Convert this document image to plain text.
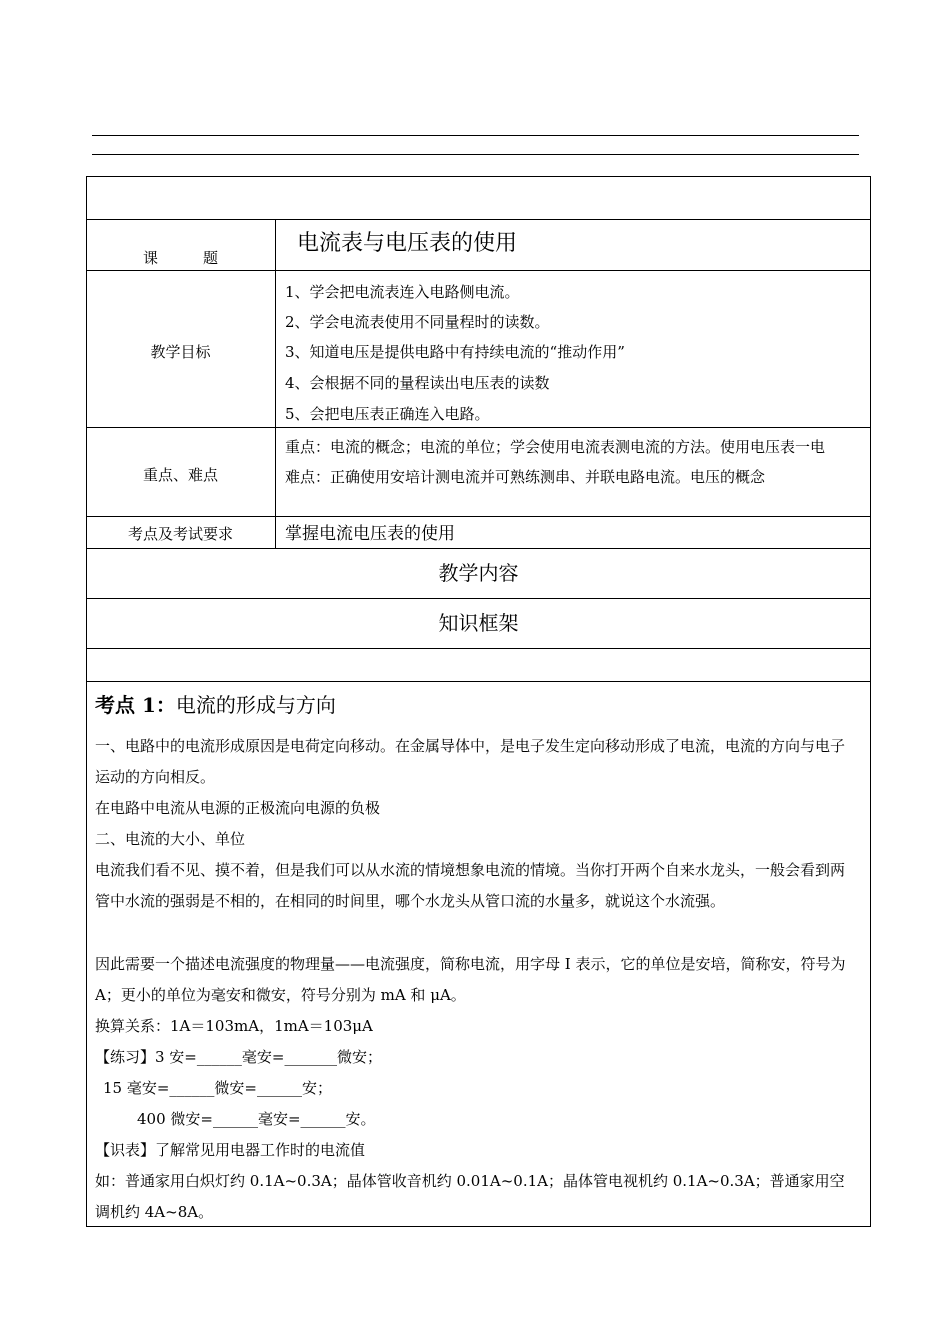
课　　　题
电流表与电压表的使用
教学目标
1、学会把电流表连入电路侧电流。
2、学会电流表使用不同量程时的读数。
3、知道电压是提供电路中有持续电流的“推动作用”
4、会根据不同的量程读出电压表的读数
5、会把电压表正确连入电路。
重点、难点
重点：电流的概念；电流的单位；学会使用电流表测电流的方法。使用电压表一电
难点：正确使用安培计测电流并可熟练测串、并联电路电流。电压的概念
考点及考试要求	掌握电流电压表的使用
教学内容
知识框架
考点 1：电流的形成与方向
一、电路中的电流形成原因是电荷定向移动。在金属导体中，是电子发生定向移动形成了电流，电流的方向与电子运动的方向相反。
在电路中电流从电源的正极流向电源的负极
二、电流的大小、单位
电流我们看不见、摸不着，但是我们可以从水流的情境想象电流的情境。当你打开两个自来水龙头，一般会看到两管中水流的强弱是不相的，在相同的时间里，哪个水龙头从管口流的水量多，就说这个水流强。
因此需要一个描述电流强度的物理量——电流强度，简称电流，用字母 I 表示，它的单位是安培，简称安，符号为 A；更小的单位为毫安和微安，符号分别为 mA 和 μA。
换算关系：1A＝103mA，1mA＝103μA
【练习】3 安=______毫安=_______微安；
15 毫安=______微安=______安；
400 微安=______毫安=______安。
【识表】了解常见用电器工作时的电流值
如：普通家用白炽灯约 0.1A~0.3A；晶体管收音机约 0.01A~0.1A；晶体管电视机约 0.1A~0.3A；普通家用空调机约 4A~8A。
